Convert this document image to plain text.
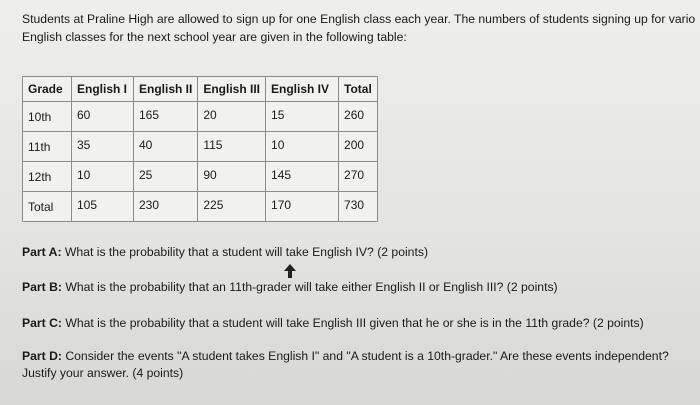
Students at Praline High are allowed to sign up for one English class each year. The numbers of students signing up for vario
English classes for the next school year are given in the following table:
Grade	English I	English II	English III	English IV	Total
10th	60	165	20	15	260
11th	35	40	115	10	200
12th	10	25	90	145	270
Total	105	230	225	170	730
Part A: What is the probability that a student will take English IV? (2 points)
Part B: What is the probability that an 11th-grader will take either English II or English III? (2 points)
Part C: What is the probability that a student will take English III given that he or she is in the 11th grade? (2 points)
Part D: Consider the events "A student takes English I" and "A student is a 10th-grader." Are these events independent?
Justify your answer. (4 points)
